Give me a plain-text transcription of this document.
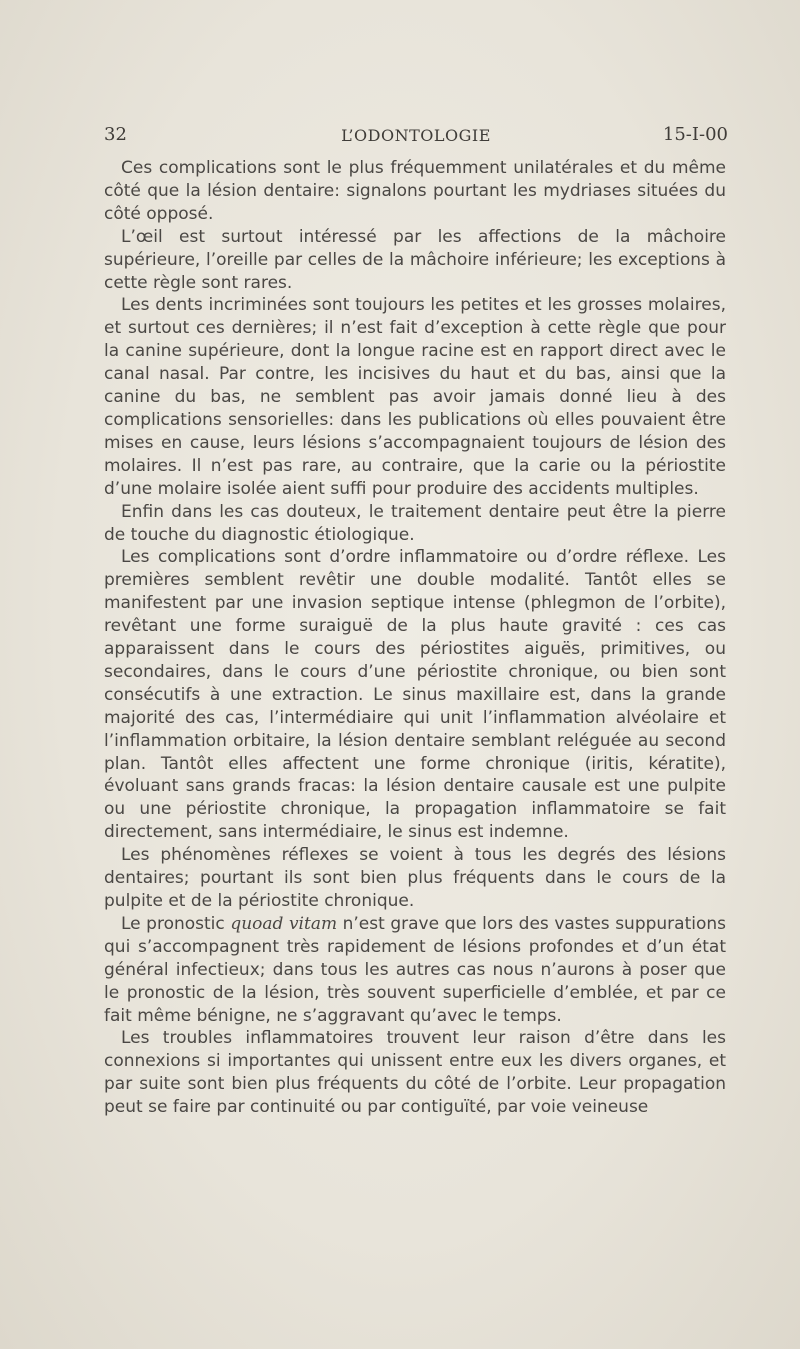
32	L’ODONTOLOGIE	15-I-00

Ces complications sont le plus fréquemment unilatérales et du même côté que la lésion dentaire: signalons pourtant les mydriases situées du côté opposé.

L’œil est surtout intéressé par les affections de la mâchoire supérieure, l’oreille par celles de la mâchoire inférieure; les exceptions à cette règle sont rares.

Les dents incriminées sont toujours les petites et les grosses molaires, et surtout ces dernières; il n’est fait d’exception à cette règle que pour la canine supérieure, dont la longue racine est en rapport direct avec le canal nasal. Par contre, les incisives du haut et du bas, ainsi que la canine du bas, ne semblent pas avoir jamais donné lieu à des complications sensorielles: dans les publications où elles pouvaient être mises en cause, leurs lésions s’accompagnaient toujours de lésion des molaires. Il n’est pas rare, au contraire, que la carie ou la périostite d’une molaire isolée aient suffi pour produire des accidents multiples.

Enfin dans les cas douteux, le traitement dentaire peut être la pierre de touche du diagnostic étiologique.

Les complications sont d’ordre inflammatoire ou d’ordre réflexe. Les premières semblent revêtir une double modalité. Tantôt elles se manifestent par une invasion septique intense (phlegmon de l’orbite), revêtant une forme suraiguë de la plus haute gravité : ces cas apparaissent dans le cours des périostites aiguës, primitives, ou secondaires, dans le cours d’une périostite chronique, ou bien sont consécutifs à une extraction. Le sinus maxillaire est, dans la grande majorité des cas, l’intermédiaire qui unit l’inflammation alvéolaire et l’inflammation orbitaire, la lésion dentaire semblant reléguée au second plan. Tantôt elles affectent une forme chronique (iritis, kératite), évoluant sans grands fracas: la lésion dentaire causale est une pulpite ou une périostite chronique, la propagation inflammatoire se fait directement, sans intermédiaire, le sinus est indemne.

Les phénomènes réflexes se voient à tous les degrés des lésions dentaires; pourtant ils sont bien plus fréquents dans le cours de la pulpite et de la périostite chronique.

Le pronostic quoad vitam n’est grave que lors des vastes suppurations qui s’accompagnent très rapidement de lésions profondes et d’un état général infectieux; dans tous les autres cas nous n’aurons à poser que le pronostic de la lésion, très souvent superficielle d’emblée, et par ce fait même bénigne, ne s’aggravant qu’avec le temps.

Les troubles inflammatoires trouvent leur raison d’être dans les connexions si importantes qui unissent entre eux les divers organes, et par suite sont bien plus fréquents du côté de l’orbite. Leur propagation peut se faire par continuité ou par contiguïté, par voie veineuse
